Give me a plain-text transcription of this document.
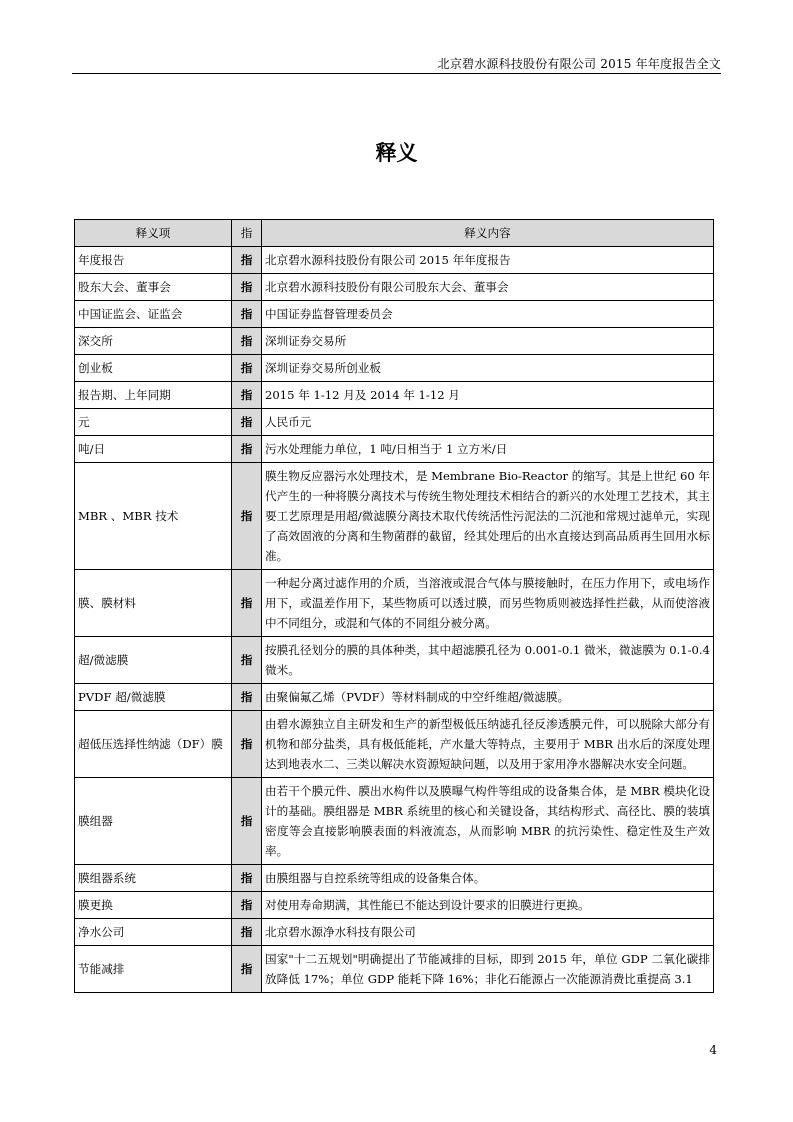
北京碧水源科技股份有限公司 2015 年年度报告全文
释义
释义项	指	释义内容
年度报告	指	北京碧水源科技股份有限公司 2015 年年度报告
股东大会、董事会	指	北京碧水源科技股份有限公司股东大会、董事会
中国证监会、证监会	指	中国证券监督管理委员会
深交所	指	深圳证券交易所
创业板	指	深圳证券交易所创业板
报告期、上年同期	指	2015 年 1-12 月及 2014 年 1-12 月
元	指	人民币元
吨/日	指	污水处理能力单位，1 吨/日相当于 1 立方米/日
MBR 、MBR 技术	指	膜生物反应器污水处理技术，是 Membrane Bio-Reactor 的缩写。其是上世纪 60 年代产生的一种将膜分离技术与传统生物处理技术相结合的新兴的水处理工艺技术，其主要工艺原理是用超/微滤膜分离技术取代传统活性污泥法的二沉池和常规过滤单元，实现了高效固液的分离和生物菌群的截留，经其处理后的出水直接达到高品质再生回用水标准。
膜、膜材料	指	一种起分离过滤作用的介质，当溶液或混合气体与膜接触时，在压力作用下，或电场作用下，或温差作用下，某些物质可以透过膜，而另些物质则被选择性拦截，从而使溶液中不同组分，或混和气体的不同组分被分离。
超/微滤膜	指	按膜孔径划分的膜的具体种类，其中超滤膜孔径为 0.001-0.1 微米，微滤膜为 0.1-0.4 微米。
PVDF 超/微滤膜	指	由聚偏氟乙烯（PVDF）等材料制成的中空纤维超/微滤膜。
超低压选择性纳滤（DF）膜	指	由碧水源独立自主研发和生产的新型极低压纳滤孔径反渗透膜元件，可以脱除大部分有机物和部分盐类，具有极低能耗，产水量大等特点，主要用于 MBR 出水后的深度处理达到地表水二、三类以解决水资源短缺问题，以及用于家用净水器解决水安全问题。
膜组器	指	由若干个膜元件、膜出水构件以及膜曝气构件等组成的设备集合体，是 MBR 模块化设计的基础。膜组器是 MBR 系统里的核心和关键设备，其结构形式、高径比、膜的装填密度等会直接影响膜表面的料液流态，从而影响 MBR 的抗污染性、稳定性及生产效率。
膜组器系统	指	由膜组器与自控系统等组成的设备集合体。
膜更换	指	对使用寿命期满，其性能已不能达到设计要求的旧膜进行更换。
净水公司	指	北京碧水源净水科技有限公司
节能减排	指	国家"十二五规划"明确提出了节能减排的目标，即到 2015 年，单位 GDP 二氧化碳排放降低 17%；单位 GDP 能耗下降 16%；非化石能源占一次能源消费比重提高 3.1
4
